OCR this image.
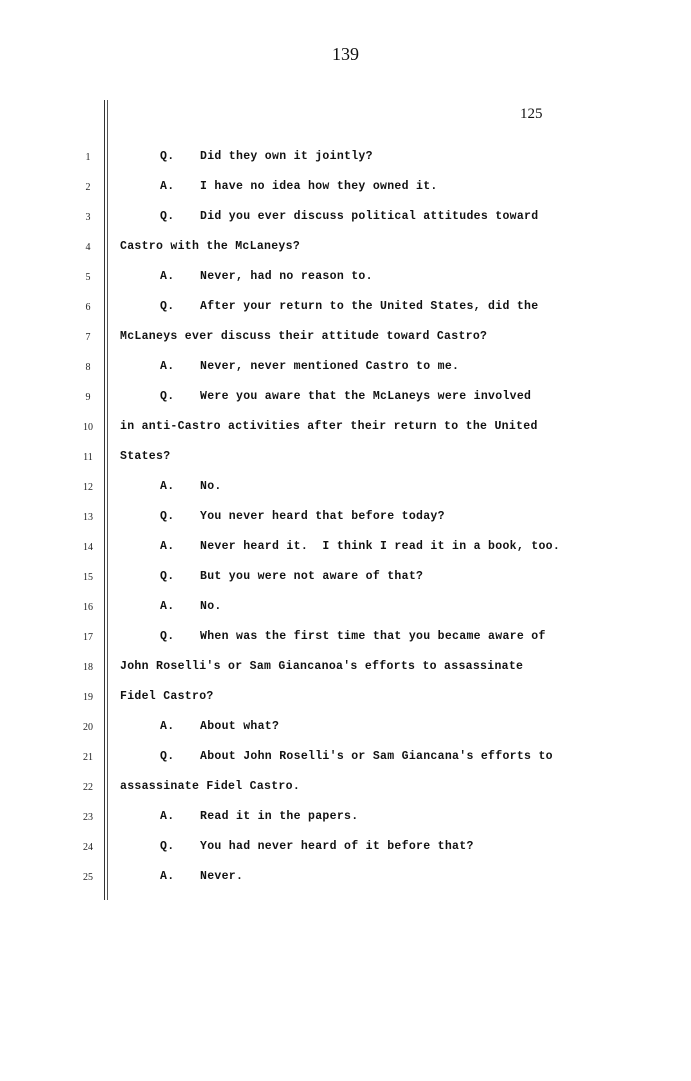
139
125
1	Q. Did they own it jointly?
2	A. I have no idea how they owned it.
3	Q. Did you ever discuss political attitudes toward
4	Castro with the McLaneys?
5	A. Never, had no reason to.
6	Q. After your return to the United States, did the
7	McLaneys ever discuss their attitude toward Castro?
8	A. Never, never mentioned Castro to me.
9	Q. Were you aware that the McLaneys were involved
10	in anti-Castro activities after their return to the United
11	States?
12	A. No.
13	Q. You never heard that before today?
14	A. Never heard it.  I think I read it in a book, too.
15	Q. But you were not aware of that?
16	A. No.
17	Q. When was the first time that you became aware of
18	John Roselli's or Sam Giancanoa's efforts to assassinate
19	Fidel Castro?
20	A. About what?
21	Q. About John Roselli's or Sam Giancana's efforts to
22	assassinate Fidel Castro.
23	A. Read it in the papers.
24	Q. You had never heard of it before that?
25	A. Never.
